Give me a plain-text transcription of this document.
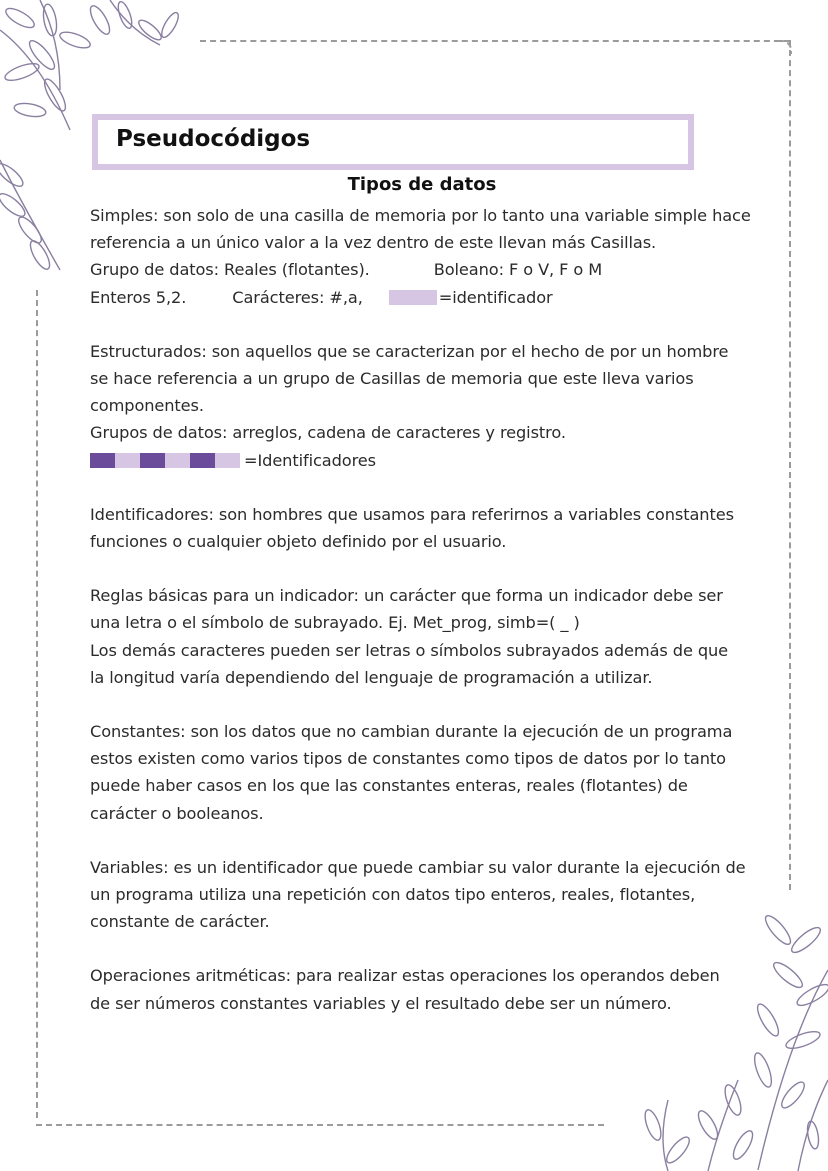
Pseudocódigos
Tipos de datos

Simples: son solo de una casilla de memoria por lo tanto una variable simple hace

referencia a un único valor a la vez dentro de este llevan más Casillas.

Grupo de datos: Reales (flotantes).	Boleano: F o V, F o M

Enteros 5,2.	Carácteres: #,a,	=identificador

Estructurados: son aquellos que se caracterizan por el hecho de por un hombre

se hace referencia a un grupo de Casillas de memoria que este lleva varios

componentes.

Grupos de datos: arreglos, cadena de caracteres y registro.

=Identificadores

Identificadores: son hombres que usamos para referirnos a variables constantes

funciones o cualquier objeto definido por el usuario.

Reglas básicas para un indicador: un carácter que forma un indicador debe ser

una letra o el símbolo de subrayado. Ej. Met_prog, simb=( _ )

Los demás caracteres pueden ser letras o símbolos subrayados además de que

la longitud varía dependiendo del lenguaje de programación a utilizar.

Constantes: son los datos que no cambian durante la ejecución de un programa

estos existen como varios tipos de constantes como tipos de datos por lo tanto

puede haber casos en los que las constantes enteras, reales (flotantes) de

carácter o booleanos.

Variables: es un identificador que puede cambiar su valor durante la ejecución de

un programa utiliza una repetición con datos tipo enteros, reales, flotantes,

constante de carácter.

Operaciones aritméticas: para realizar estas operaciones los operandos deben

de ser números constantes variables y el resultado debe ser un número.
